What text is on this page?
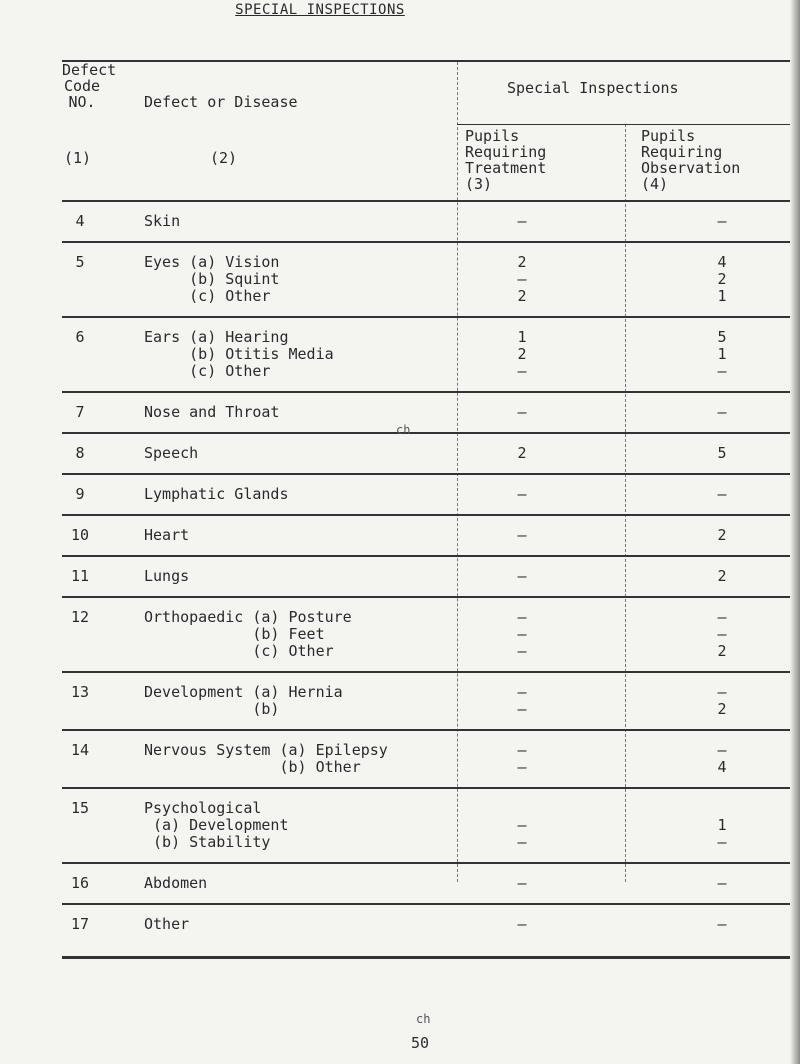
SPECIAL INSPECTIONS
Defect
Code
NO.
(1)
Defect or Disease
(2)
Special Inspections
Pupils	Pupils
Requiring	Requiring
Treatment	Observation
(3)	(4)
4	Skin	–	–
5	Eyes (a) Vision	2	4
(b) Squint	–	2
(c) Other	2	1
6	Ears (a) Hearing	1	5
(b) Otitis Media	2	1
(c) Other	–	–
7	Nose and Throat	–	–
8	Speech	2	5
9	Lymphatic Glands	–	–
10	Heart	–	2
11	Lungs	–	2
12	Orthopaedic (a) Posture	–	–
(b) Feet	–	–
(c) Other	–	2
13	Development (a) Hernia	–	–
(b)	–	2
14	Nervous System (a) Epilepsy	–	–
(b) Other	–	4
15	Psychological
(a) Development	–	1
(b) Stability	–	–
16	Abdomen	–	–
17	Other	–	–
ch
ch
50
